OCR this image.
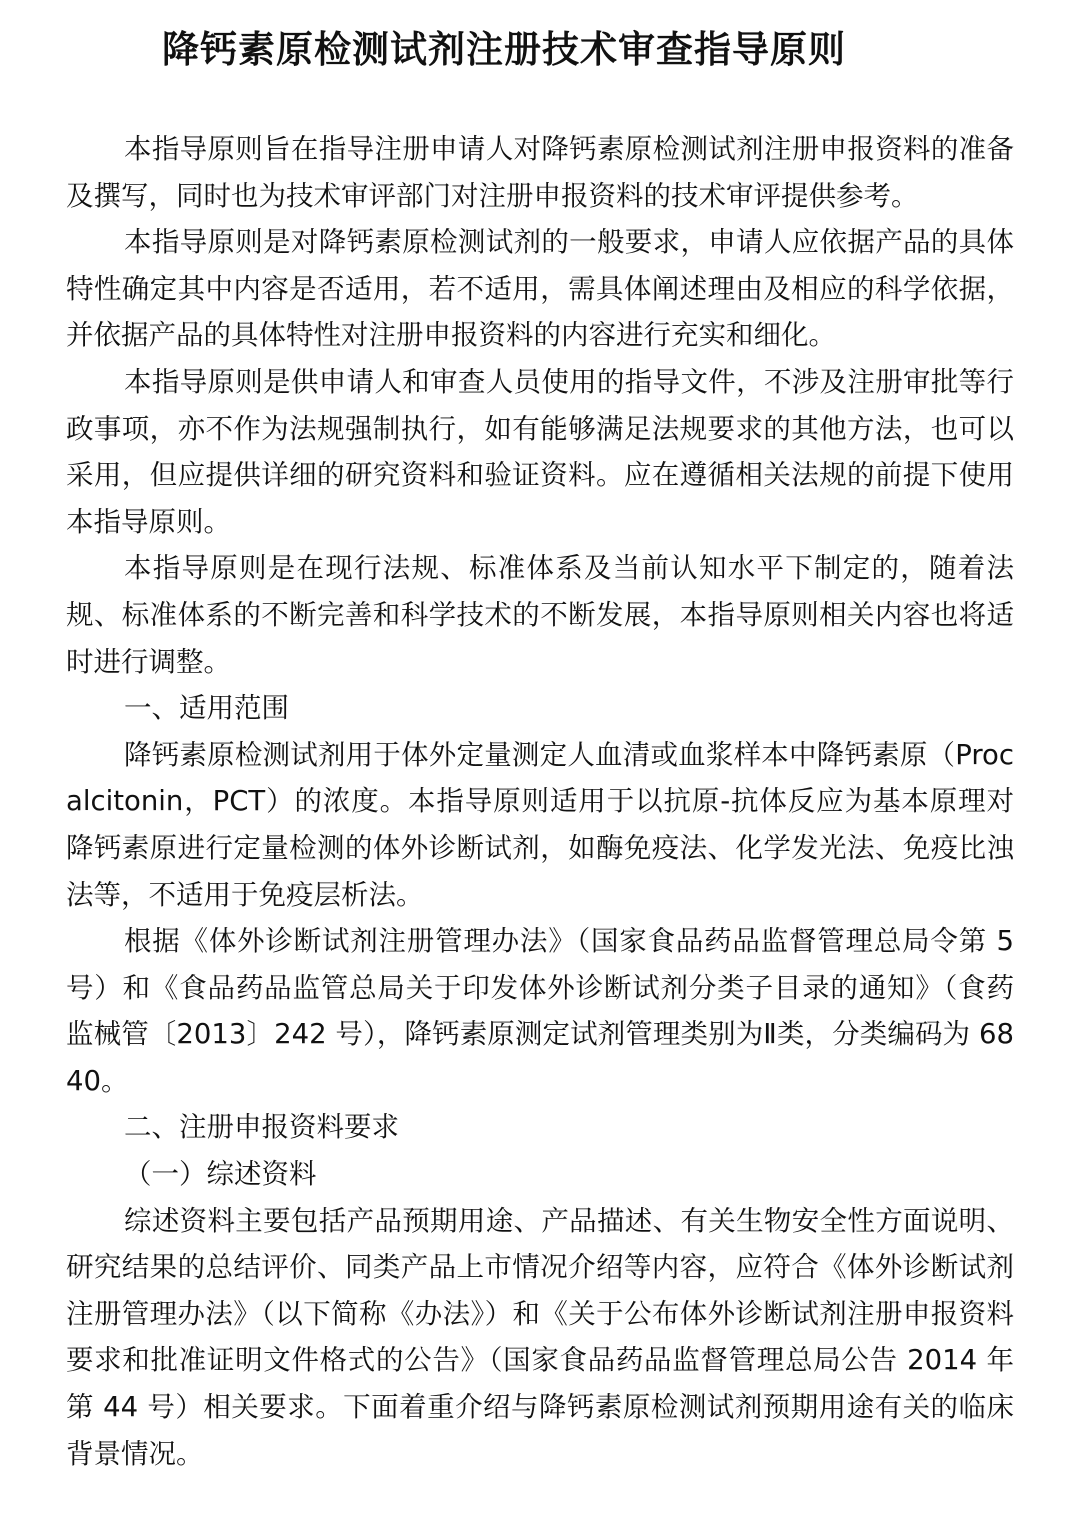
降钙素原检测试剂注册技术审查指导原则

本指导原则旨在指导注册申请人对降钙素原检测试剂注册申报资料的准备及撰写，同时也为技术审评部门对注册申报资料的技术审评提供参考。

本指导原则是对降钙素原检测试剂的一般要求，申请人应依据产品的具体特性确定其中内容是否适用，若不适用，需具体阐述理由及相应的科学依据，并依据产品的具体特性对注册申报资料的内容进行充实和细化。

本指导原则是供申请人和审查人员使用的指导文件，不涉及注册审批等行政事项，亦不作为法规强制执行，如有能够满足法规要求的其他方法，也可以采用，但应提供详细的研究资料和验证资料。应在遵循相关法规的前提下使用本指导原则。

本指导原则是在现行法规、标准体系及当前认知水平下制定的，随着法规、标准体系的不断完善和科学技术的不断发展，本指导原则相关内容也将适时进行调整。

一、适用范围

降钙素原检测试剂用于体外定量测定人血清或血浆样本中降钙素原（Procalcitonin，PCT）的浓度。本指导原则适用于以抗原-抗体反应为基本原理对降钙素原进行定量检测的体外诊断试剂，如酶免疫法、化学发光法、免疫比浊法等，不适用于免疫层析法。

根据《体外诊断试剂注册管理办法》（国家食品药品监督管理总局令第 5 号）和《食品药品监管总局关于印发体外诊断试剂分类子目录的通知》（食药监械管〔2013〕242 号），降钙素原测定试剂管理类别为Ⅱ类，分类编码为 6840。

二、注册申报资料要求

（一）综述资料

综述资料主要包括产品预期用途、产品描述、有关生物安全性方面说明、研究结果的总结评价、同类产品上市情况介绍等内容，应符合《体外诊断试剂注册管理办法》（以下简称《办法》）和《关于公布体外诊断试剂注册申报资料要求和批准证明文件格式的公告》（国家食品药品监督管理总局公告 2014 年第 44 号）相关要求。下面着重介绍与降钙素原检测试剂预期用途有关的临床背景情况。
